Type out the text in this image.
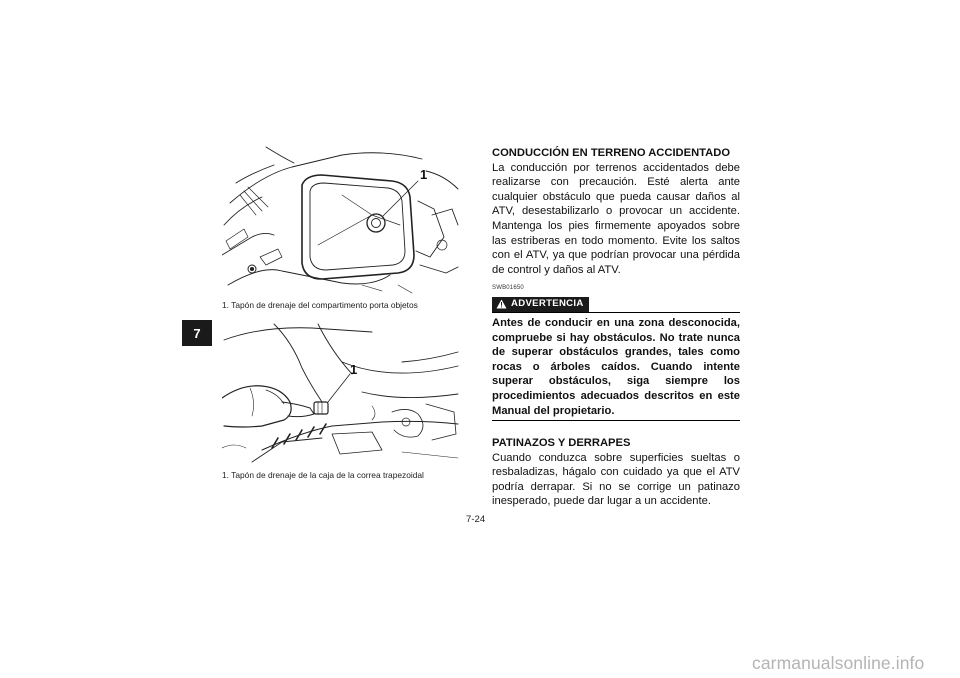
7
1
1. Tapón de drenaje del compartimento porta objetos
1
1. Tapón de drenaje de la caja de la correa trapezoidal
CONDUCCIÓN EN TERRENO ACCIDENTADO
La conducción por terrenos accidentados debe realizarse con precaución. Esté alerta ante cualquier obstáculo que pueda causar daños al ATV, desestabilizarlo o provocar un accidente. Mantenga los pies firmemente apoyados sobre las estriberas en todo momento. Evite los saltos con el ATV, ya que podrían provocar una pérdida de control y daños al ATV.
SWB01650
ADVERTENCIA
Antes de conducir en una zona desconocida, compruebe si hay obstáculos. No trate nunca de superar obstáculos grandes, tales como rocas o árboles caídos. Cuando intente superar obstáculos, siga siempre los procedimientos adecuados descritos en este Manual del propietario.
PATINAZOS Y DERRAPES
Cuando conduzca sobre superficies sueltas o resbaladizas, hágalo con cuidado ya que el ATV podría derrapar. Si no se corrige un patinazo inesperado, puede dar lugar a un accidente.
7-24
carmanualsonline.info
